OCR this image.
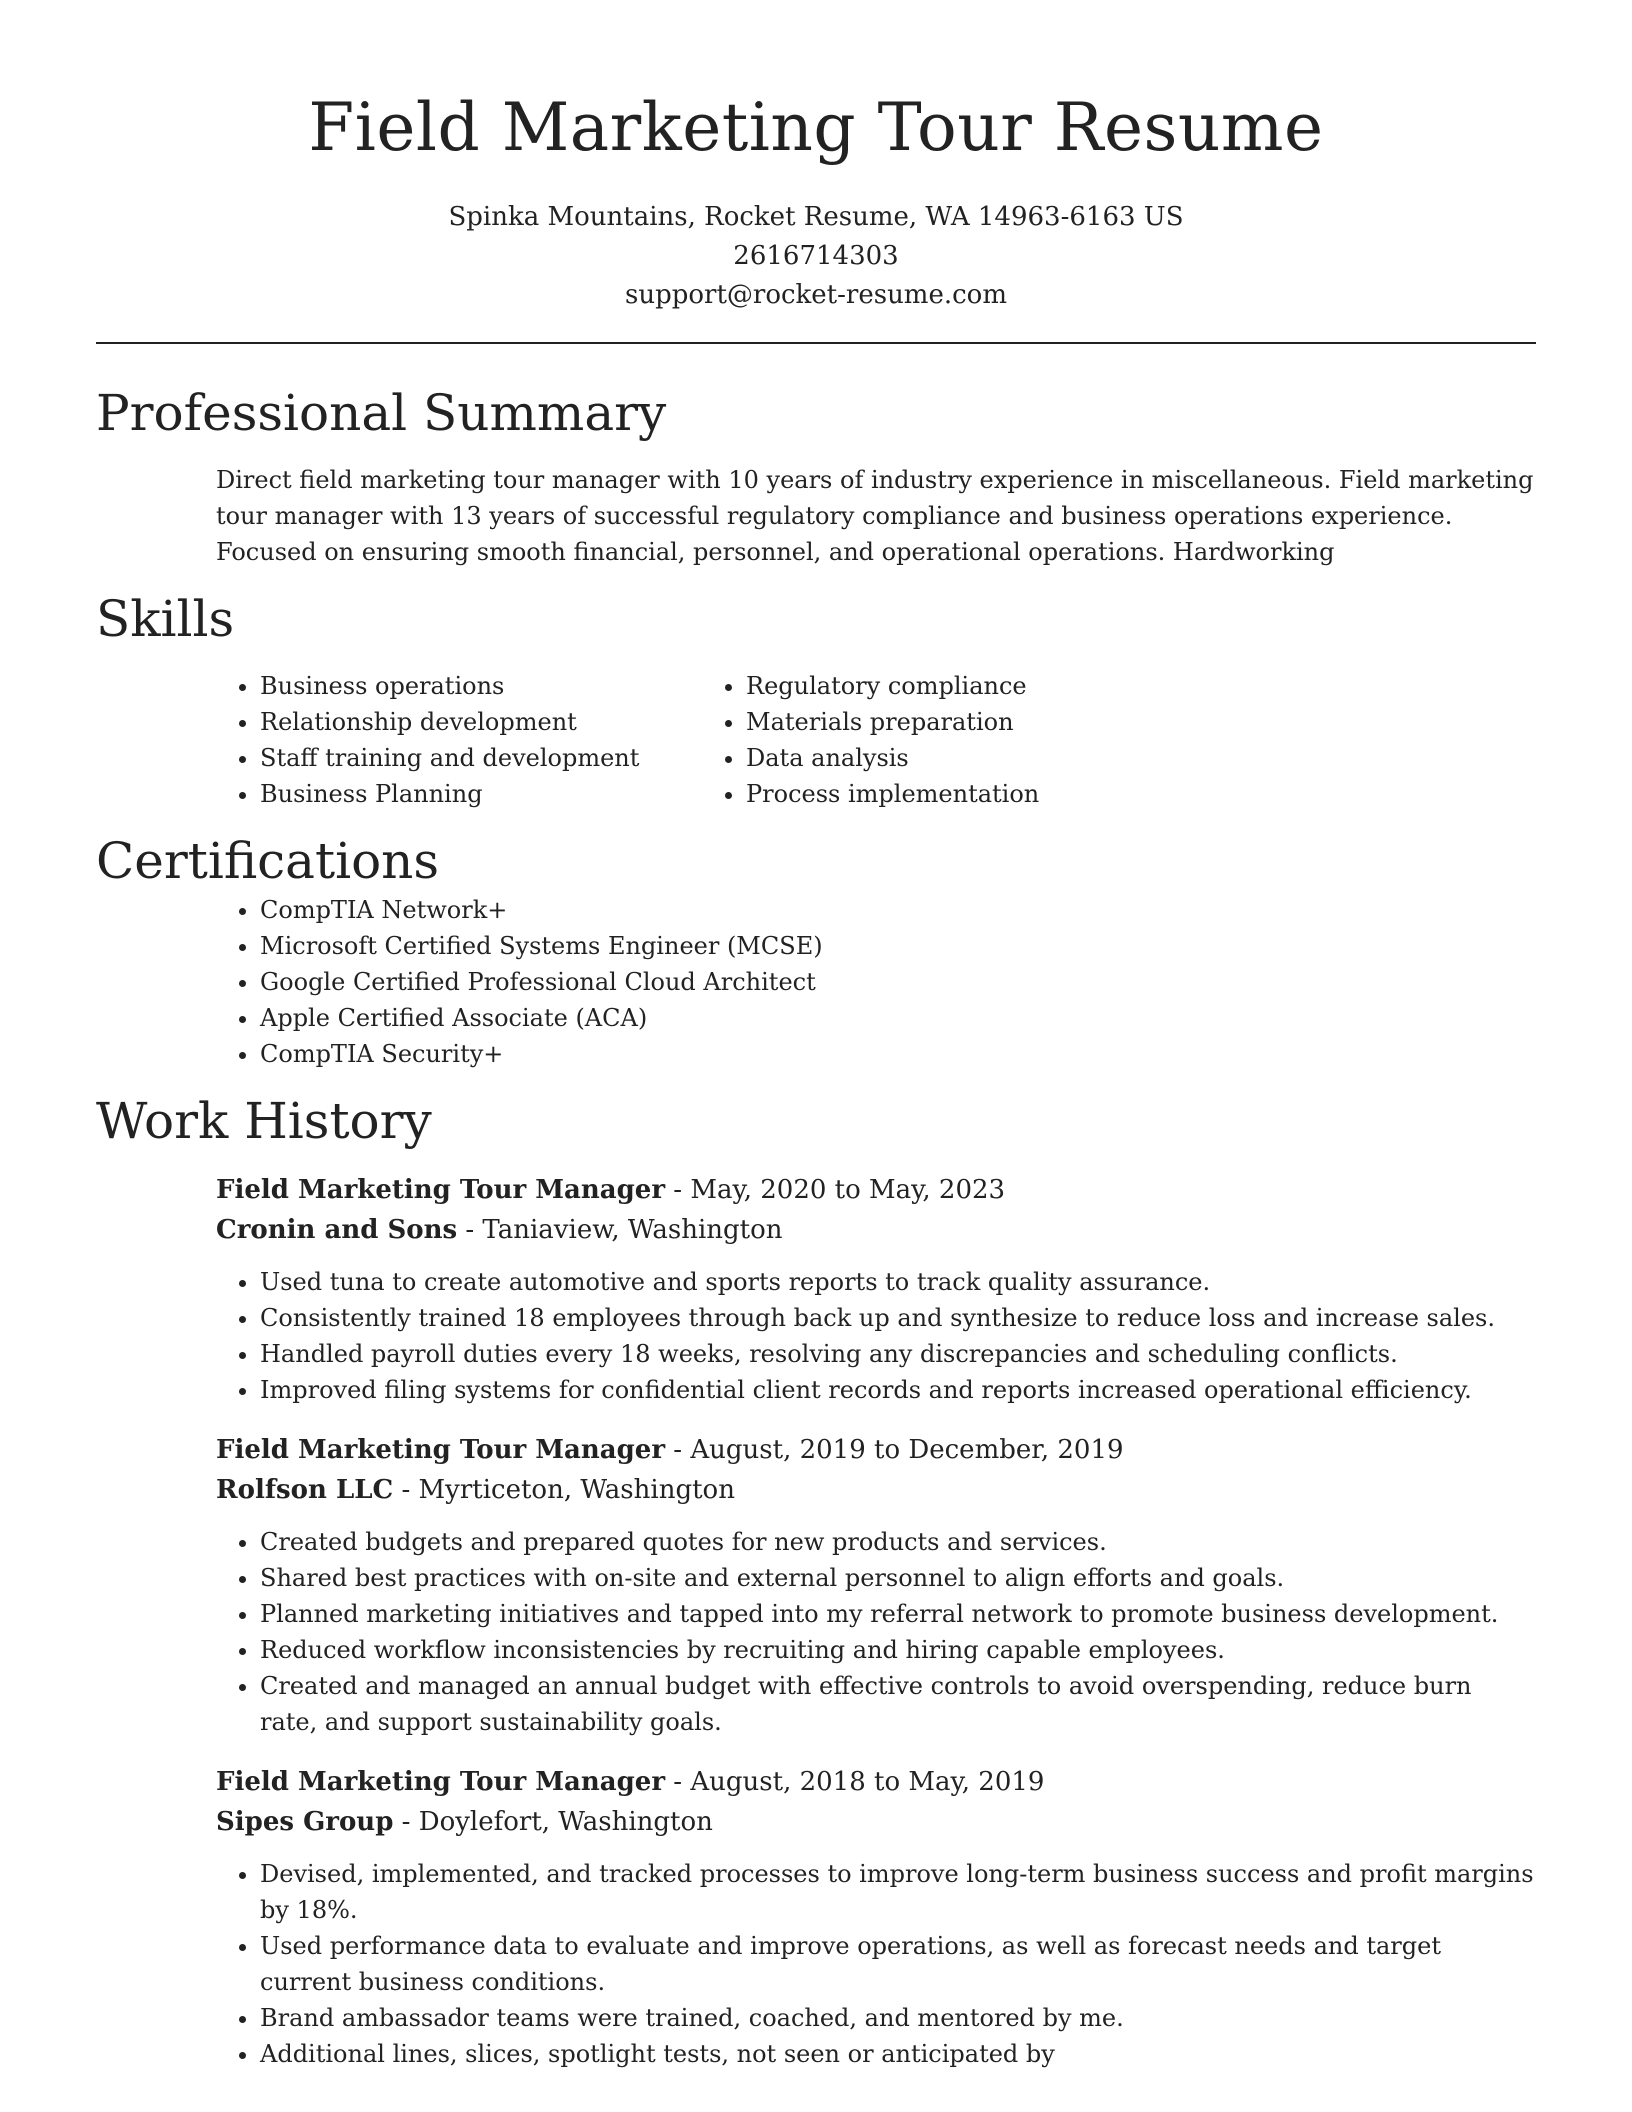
Field Marketing Tour Resume
Spinka Mountains, Rocket Resume, WA 14963-6163 US
2616714303
support@rocket-resume.com
Professional Summary

Direct field marketing tour manager with 10 years of industry experience in miscellaneous. Field marketing tour manager with 13 years of successful regulatory compliance and business operations experience. Focused on ensuring smooth financial, personnel, and operational operations. Hardworking

Skills
• Business operations
• Relationship development
• Staff training and development
• Business Planning
• Regulatory compliance
• Materials preparation
• Data analysis
• Process implementation
Certifications
• CompTIA Network+
• Microsoft Certified Systems Engineer (MCSE)
• Google Certified Professional Cloud Architect
• Apple Certified Associate (ACA)
• CompTIA Security+
Work History
Field Marketing Tour Manager - May, 2020 to May, 2023
Cronin and Sons - Taniaview, Washington
• Used tuna to create automotive and sports reports to track quality assurance.
• Consistently trained 18 employees through back up and synthesize to reduce loss and increase sales.
• Handled payroll duties every 18 weeks, resolving any discrepancies and scheduling conflicts.
• Improved filing systems for confidential client records and reports increased operational efficiency.
Field Marketing Tour Manager - August, 2019 to December, 2019
Rolfson LLC - Myrticeton, Washington
• Created budgets and prepared quotes for new products and services.
• Shared best practices with on-site and external personnel to align efforts and goals.
• Planned marketing initiatives and tapped into my referral network to promote business development.
• Reduced workflow inconsistencies by recruiting and hiring capable employees.
• Created and managed an annual budget with effective controls to avoid overspending, reduce burn rate, and support sustainability goals.
Field Marketing Tour Manager - August, 2018 to May, 2019
Sipes Group - Doylefort, Washington
• Devised, implemented, and tracked processes to improve long-term business success and profit margins by 18%.
• Used performance data to evaluate and improve operations, as well as forecast needs and target current business conditions.
• Brand ambassador teams were trained, coached, and mentored by me.
• Additional lines, slices, spotlight tests, not seen or anticipated by
